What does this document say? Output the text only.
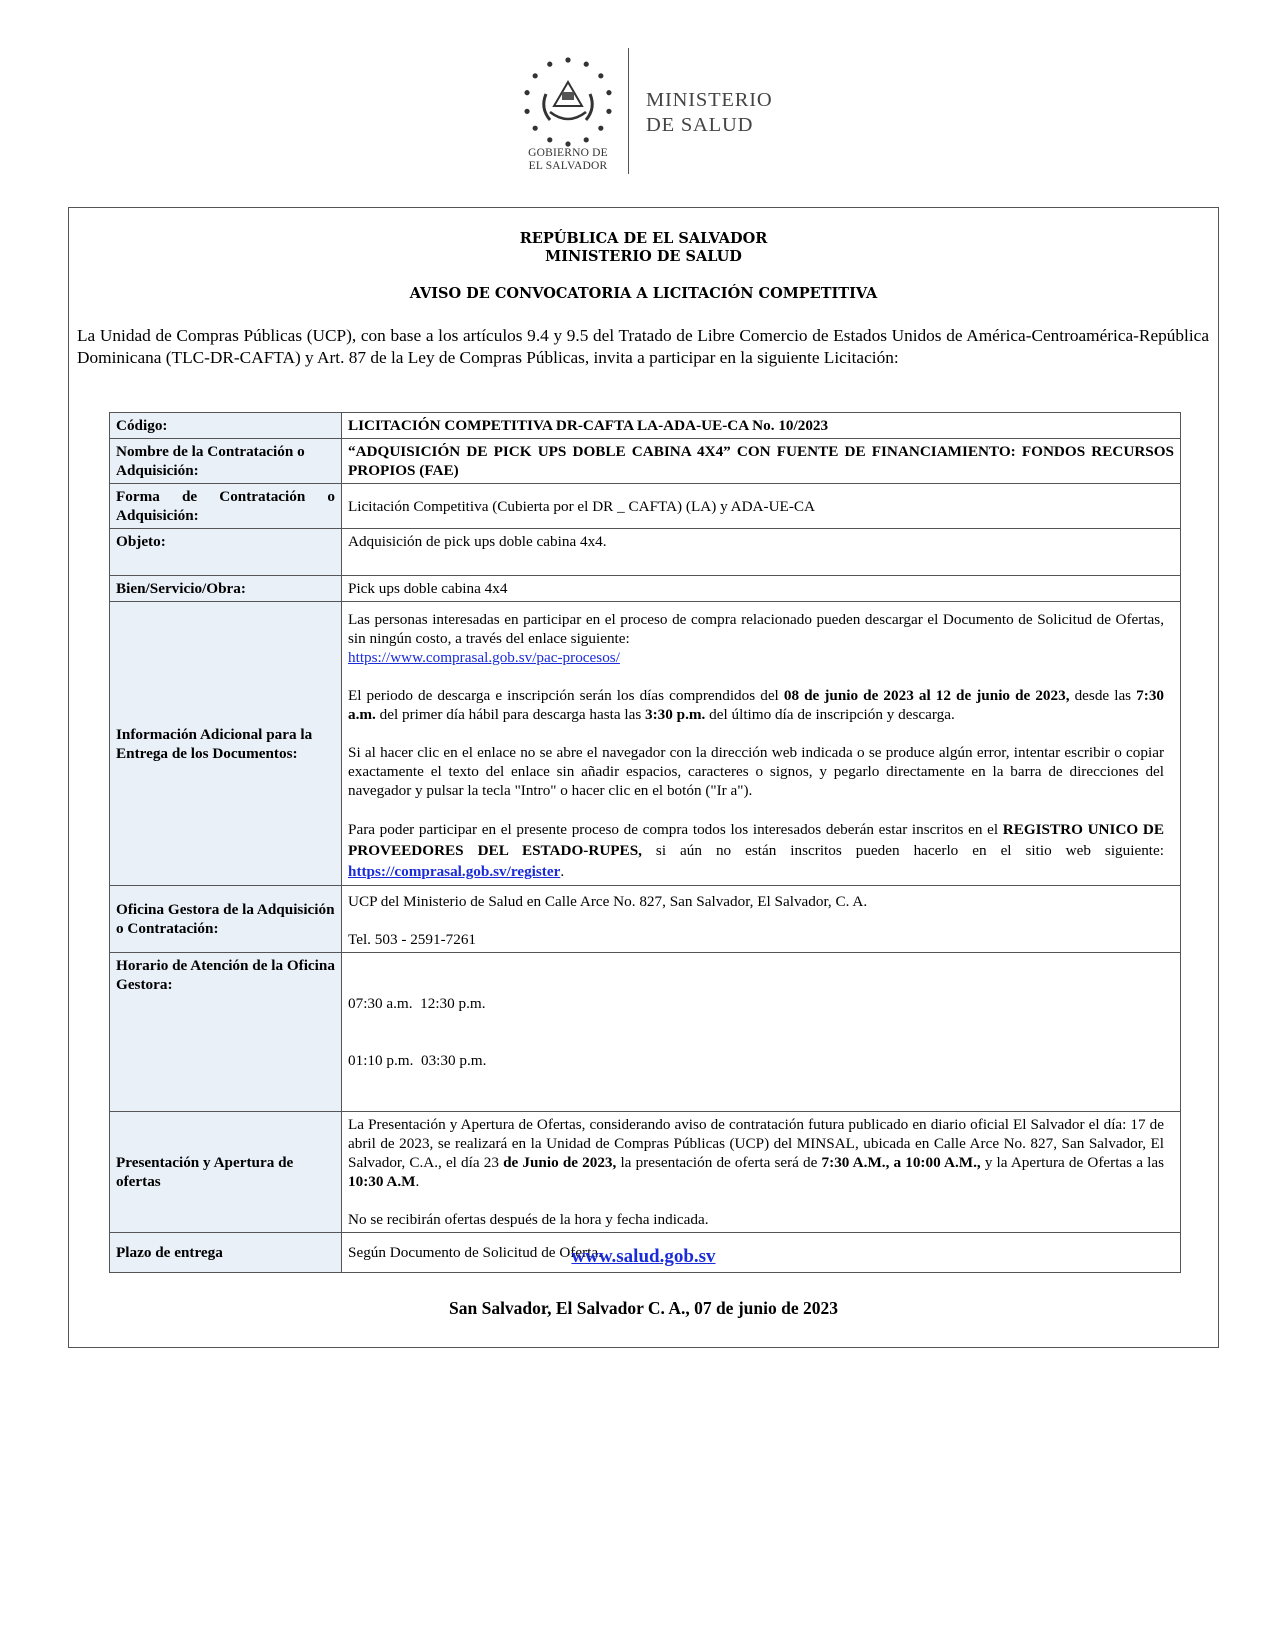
GOBIERNO DE
EL SALVADOR
MINISTERIO
DE SALUD
REPÚBLICA DE EL SALVADOR
MINISTERIO DE SALUD
AVISO DE CONVOCATORIA A LICITACIÓN COMPETITIVA
La Unidad de Compras Públicas (UCP), con base a los artículos 9.4 y 9.5 del Tratado de Libre Comercio de Estados Unidos de América-Centroamérica-República Dominicana (TLC-DR-CAFTA) y Art. 87 de la Ley de Compras Públicas, invita a participar en la siguiente Licitación:
Código:	LICITACIÓN COMPETITIVA DR-CAFTA LA-ADA-UE-CA No. 10/2023
Nombre de la Contratación o Adquisición:	“ADQUISICIÓN DE PICK UPS DOBLE CABINA 4X4” CON FUENTE DE FINANCIAMIENTO: FONDOS RECURSOS PROPIOS (FAE)
Forma de Contratación o Adquisición:	Licitación Competitiva (Cubierta por el DR _ CAFTA) (LA) y ADA-UE-CA
Objeto:	Adquisición de pick ups doble cabina 4x4.
Bien/Servicio/Obra:	Pick ups doble cabina 4x4
Información Adicional para la Entrega de los Documentos:	Las personas interesadas en participar en el proceso de compra relacionado pueden descargar el Documento de Solicitud de Ofertas, sin ningún costo, a través del enlace siguiente:

https://www.comprasal.gob.sv/pac-procesos/

El periodo de descarga e inscripción serán los días comprendidos del 08 de junio de 2023 al 12 de junio de 2023, desde las 7:30 a.m. del primer día hábil para descarga hasta las 3:30 p.m. del último día de inscripción y descarga.

Si al hacer clic en el enlace no se abre el navegador con la dirección web indicada o se produce algún error, intentar escribir o copiar exactamente el texto del enlace sin añadir espacios, caracteres o signos, y pegarlo directamente en la barra de direcciones del navegador y pulsar la tecla "Intro" o hacer clic en el botón ("Ir a").

Para poder participar en el presente proceso de compra todos los interesados deberán estar inscritos en el REGISTRO UNICO DE PROVEEDORES DEL ESTADO-RUPES, si aún no están inscritos pueden hacerlo en el sitio web siguiente: https://comprasal.gob.sv/register.

Oficina Gestora de la Adquisición o Contratación:	UCP del Ministerio de Salud en Calle Arce No. 827, San Salvador, El Salvador, C. A.
Tel. 503 - 2591-7261

Horario de Atención de la Oficina Gestora:	07:30 a.m.  12:30 p.m.

01:10 p.m.  03:30 p.m.

Presentación y Apertura de ofertas	La Presentación y Apertura de Ofertas, considerando aviso de contratación futura publicado en diario oficial El Salvador el día: 17 de abril de 2023, se realizará en la Unidad de Compras Públicas (UCP) del MINSAL, ubicada en Calle Arce No. 827, San Salvador, El Salvador, C.A., el día 23 de Junio de 2023, la presentación de oferta será de 7:30 A.M., a 10:00 A.M., y la Apertura de Ofertas a las 10:30 A.M.

No se recibirán ofertas después de la hora y fecha indicada.

Plazo de entrega	Según Documento de Solicitud de Oferta.
www.salud.gob.sv
San Salvador, El Salvador C. A., 07 de junio de 2023
